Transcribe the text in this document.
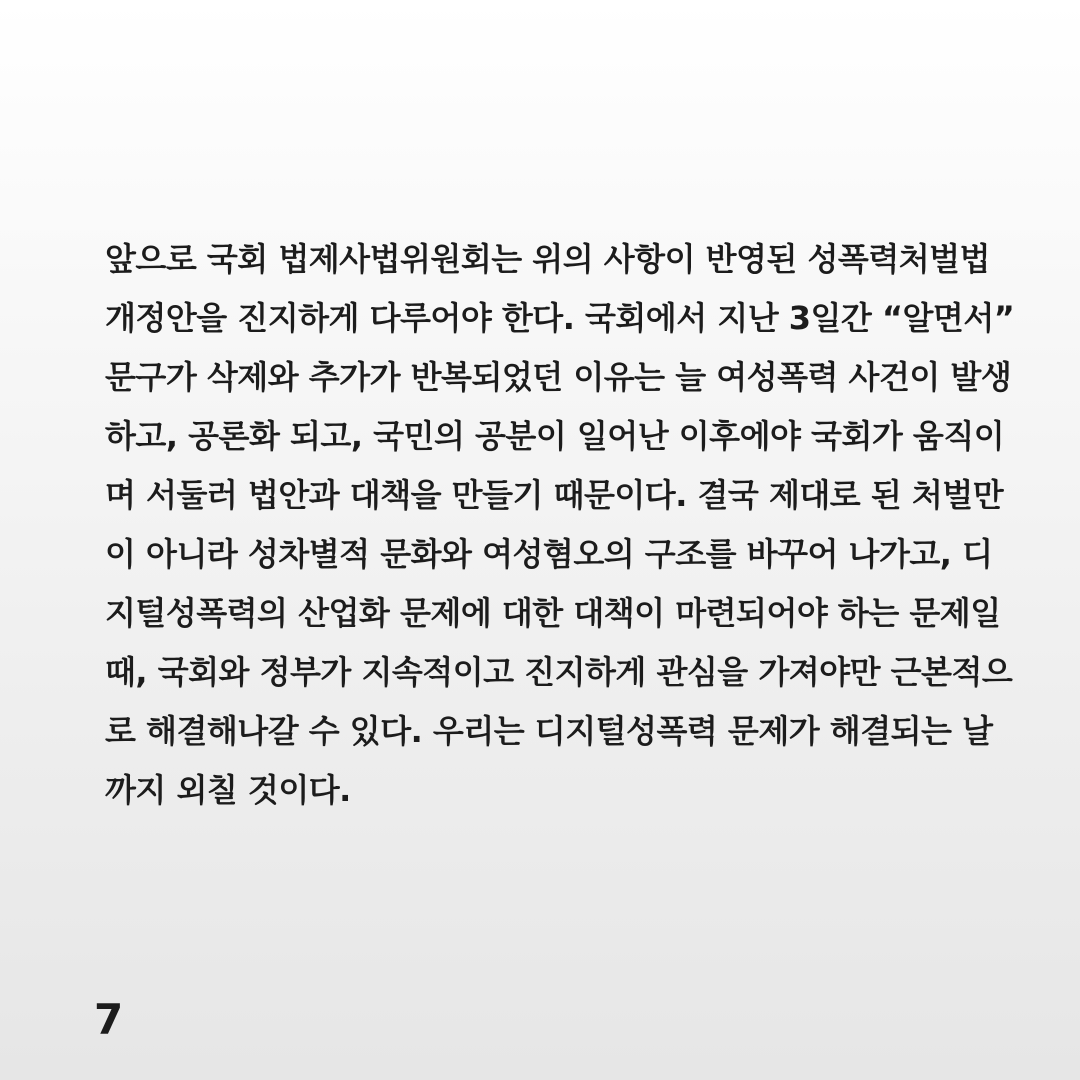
앞으로 국회 법제사법위원회는 위의 사항이 반영된 성폭력처벌법
개정안을 진지하게 다루어야 한다. 국회에서 지난 3일간 “알면서”
문구가 삭제와 추가가 반복되었던 이유는 늘 여성폭력 사건이 발생
하고, 공론화 되고, 국민의 공분이 일어난 이후에야 국회가 움직이
며 서둘러 법안과 대책을 만들기 때문이다. 결국 제대로 된 처벌만
이 아니라 성차별적 문화와 여성혐오의 구조를 바꾸어 나가고, 디
지털성폭력의 산업화 문제에 대한 대책이 마련되어야 하는 문제일
때, 국회와 정부가 지속적이고 진지하게 관심을 가져야만 근본적으
로 해결해나갈 수 있다. 우리는 디지털성폭력 문제가 해결되는 날
까지 외칠 것이다.
7
